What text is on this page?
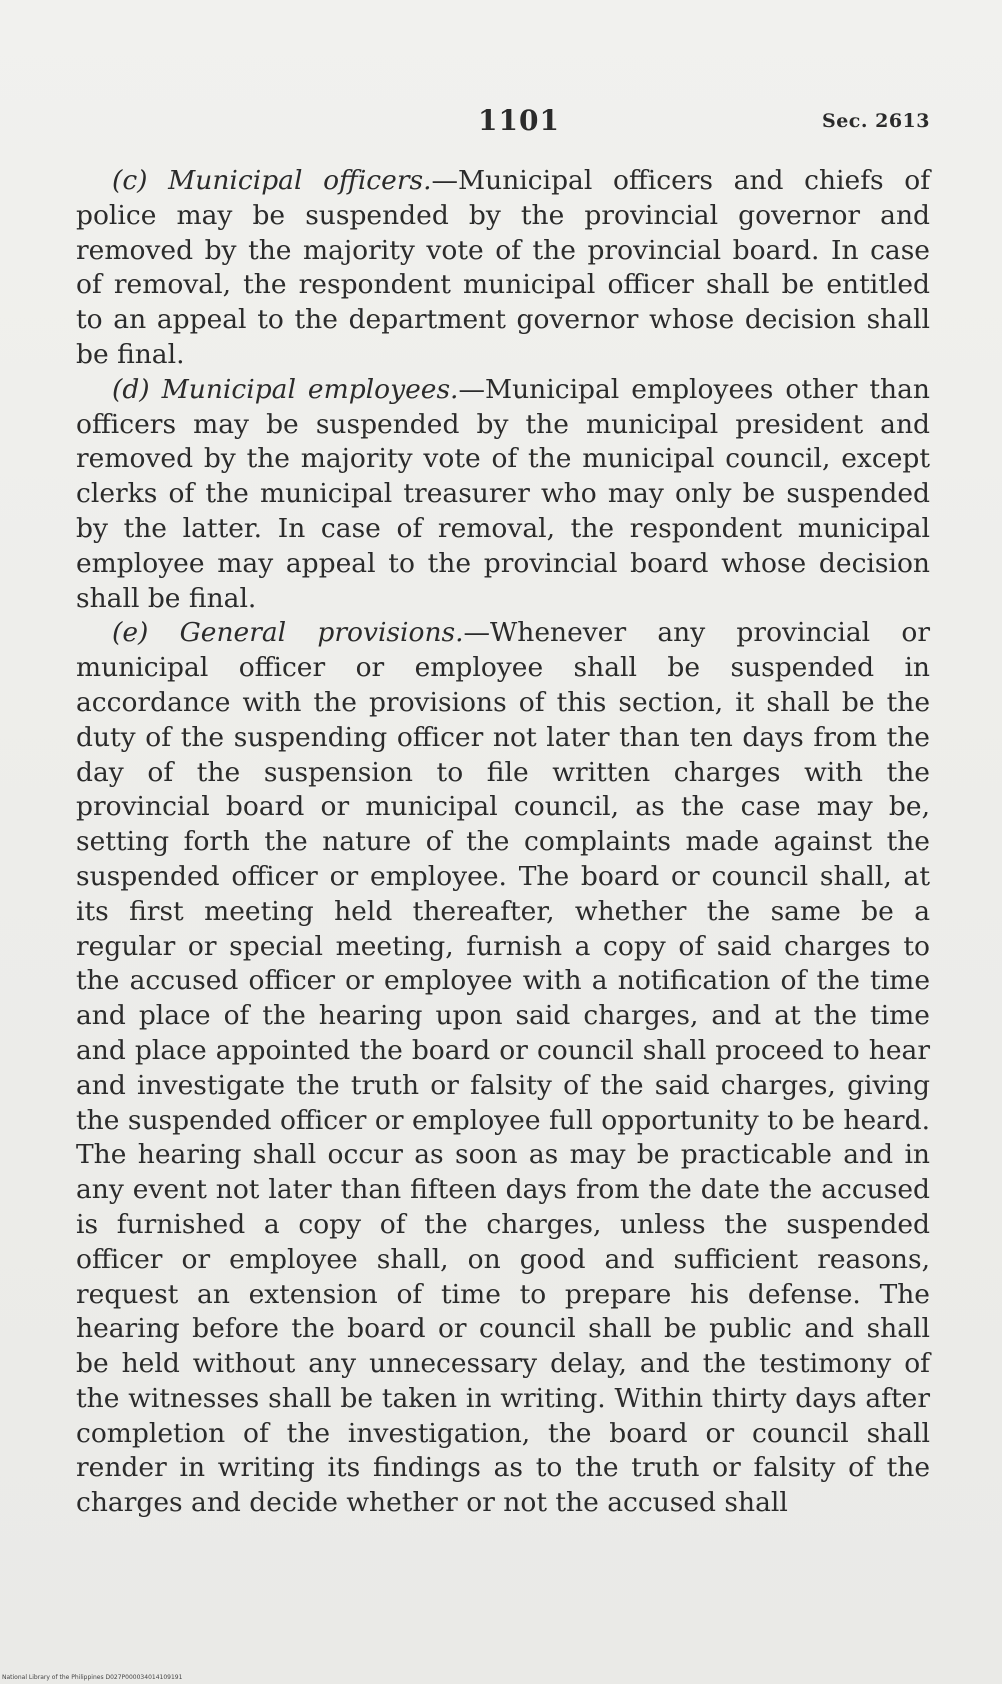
1101	Sec. 2613

(c) Municipal officers.—Municipal officers and chiefs of police may be suspended by the provincial governor and removed by the majority vote of the provincial board. In case of removal, the respondent municipal officer shall be entitled to an appeal to the department governor whose decision shall be final.

(d) Municipal employees.—Municipal employees other than officers may be suspended by the municipal president and removed by the majority vote of the municipal council, except clerks of the municipal treasurer who may only be suspended by the latter. In case of removal, the respondent municipal employee may appeal to the provincial board whose decision shall be final.

(e) General provisions.—Whenever any provincial or municipal officer or employee shall be suspended in accordance with the provisions of this section, it shall be the duty of the suspending officer not later than ten days from the day of the suspension to file written charges with the provincial board or municipal council, as the case may be, setting forth the nature of the complaints made against the suspended officer or employee. The board or council shall, at its first meeting held thereafter, whether the same be a regular or special meeting, furnish a copy of said charges to the accused officer or employee with a notification of the time and place of the hearing upon said charges, and at the time and place appointed the board or council shall proceed to hear and investigate the truth or falsity of the said charges, giving the suspended officer or employee full opportunity to be heard. The hearing shall occur as soon as may be practicable and in any event not later than fifteen days from the date the accused is furnished a copy of the charges, unless the suspended officer or employee shall, on good and sufficient reasons, request an extension of time to prepare his defense. The hearing before the board or council shall be public and shall be held without any unnecessary delay, and the testimony of the witnesses shall be taken in writing. Within thirty days after completion of the investigation, the board or council shall render in writing its findings as to the truth or falsity of the charges and decide whether or not the accused shall

National Library of the Philippines D027P000034014109191
